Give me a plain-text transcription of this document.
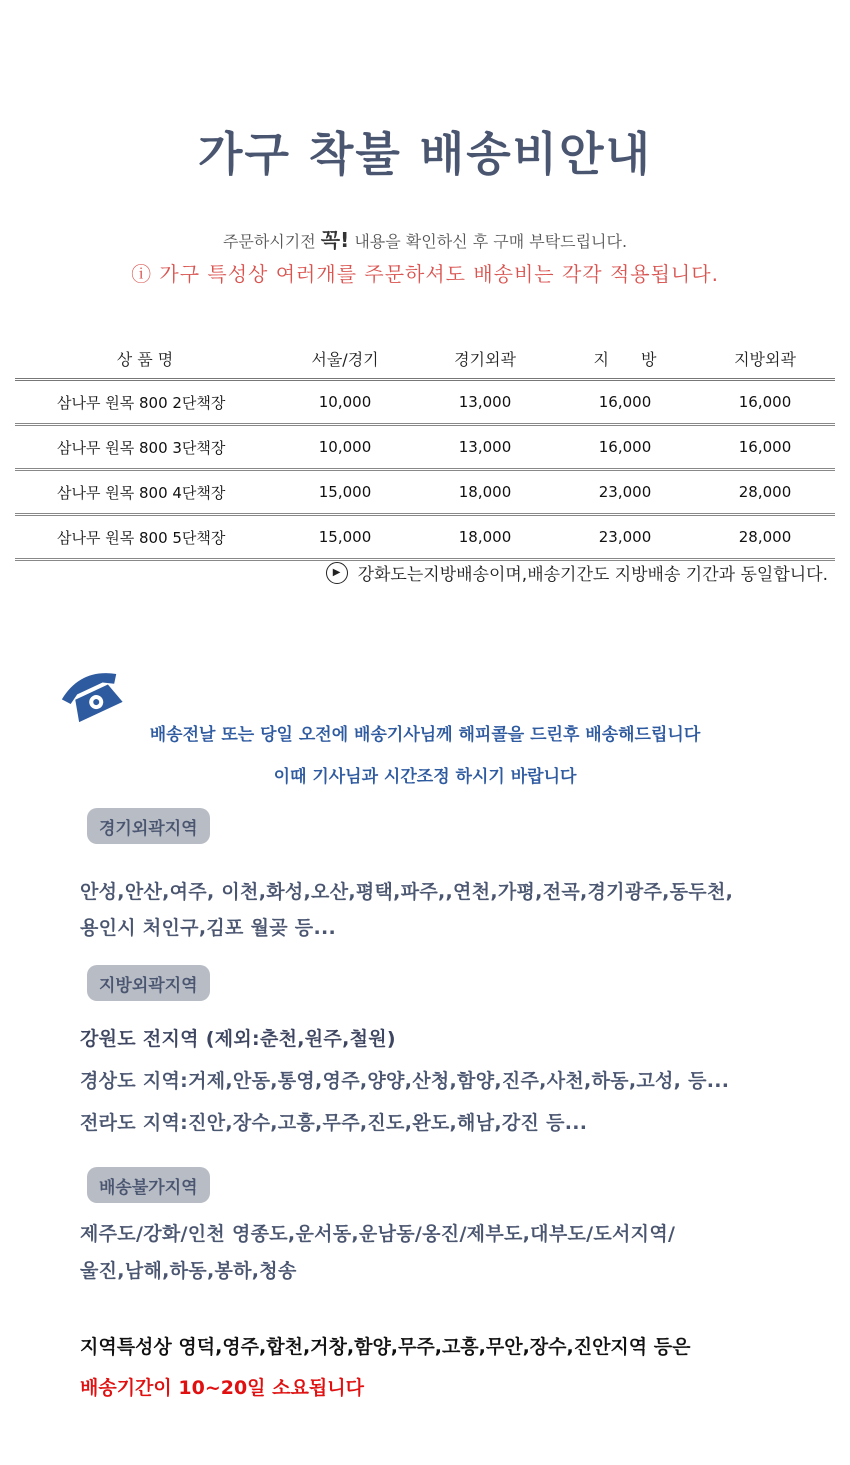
가구 착불 배송비안내
주문하시기전 꼭! 내용을 확인하신 후 구매 부탁드립니다.
ⓘ 가구 특성상 여러개를 주문하셔도 배송비는 각각 적용됩니다.
상 품 명	서울/경기	경기외곽	지　　방	지방외곽
삼나무 원목 800 2단책장	10,000	13,000	16,000	16,000
삼나무 원목 800 3단책장	10,000	13,000	16,000	16,000
삼나무 원목 800 4단책장	15,000	18,000	23,000	28,000
삼나무 원목 800 5단책장	15,000	18,000	23,000	28,000
▶	강화도는지방배송이며,배송기간도 지방배송 기간과 동일합니다.
배송전날 또는 당일 오전에 배송기사님께 해피콜을 드린후 배송해드립니다
이때 기사님과 시간조정 하시기 바랍니다
경기외곽지역
안성,안산,여주, 이천,화성,오산,평택,파주,,연천,가평,전곡,경기광주,동두천,
용인시 처인구,김포 월곶 등...
지방외곽지역
강원도 전지역 (제외:춘천,원주,철원)
경상도 지역:거제,안동,통영,영주,양양,산청,함양,진주,사천,하동,고성, 등...
전라도 지역:진안,장수,고흥,무주,진도,완도,해남,강진 등...
배송불가지역
제주도/강화/인천 영종도,운서동,운남동/옹진/제부도,대부도/도서지역/
울진,남해,하동,봉하,청송
지역특성상 영덕,영주,합천,거창,함양,무주,고흥,무안,장수,진안지역 등은
배송기간이 10~20일 소요됩니다
